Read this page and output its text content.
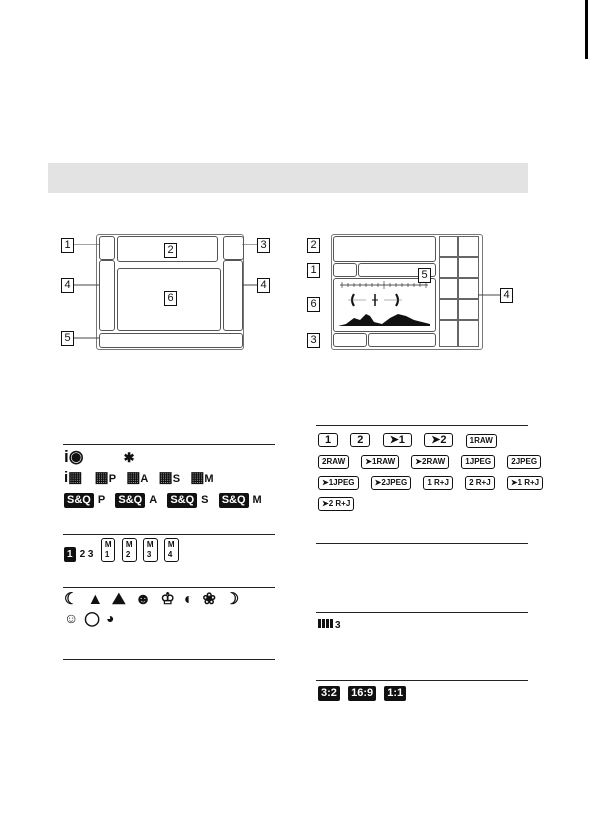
1	2	3
4	4
6
5
2
1	5
6
3
4
i◉	✱
i▦ ▦P ▦A ▦S ▦M
S&Q P S&Q A S&Q S S&Q M
1 2 3 M
1 M
2 M
3 M
4
☾▲⛰☻♔◐❀☽
☺◯◕
1 2 ➤1 ➤2	1RAW
2RAW	➤1RAW	➤2RAW	1JPEG	2JPEG
➤1JPEG	➤2JPEG	1 R+J	2 R+J	➤1 R+J
➤2 R+J
3
3:2 16:9 1:1
